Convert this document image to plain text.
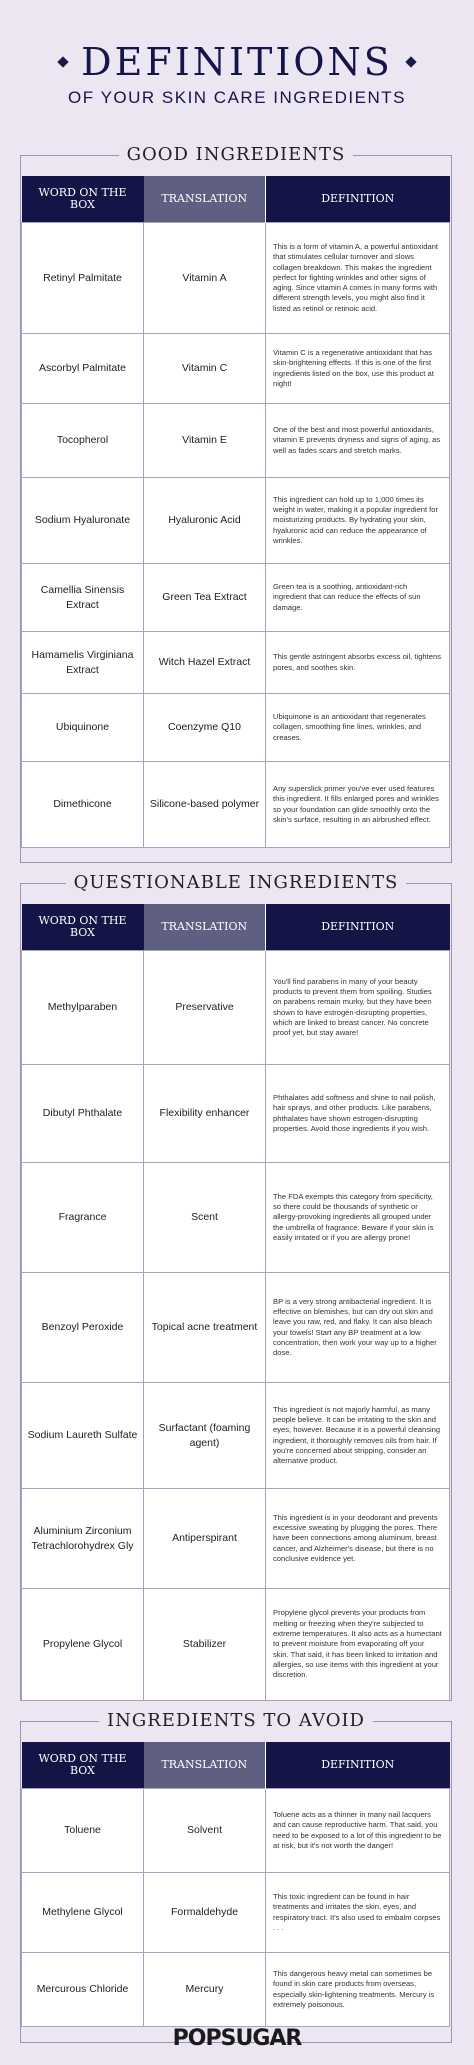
DEFINITIONS
OF YOUR SKIN CARE INGREDIENTS
GOOD INGREDIENTS
WORD ON THE BOX	TRANSLATION	DEFINITION
Retinyl Palmitate	Vitamin A	This is a form of vitamin A, a powerful antioxidant that stimulates cellular turnover and slows collagen breakdown. This makes the ingredient perfect for fighting wrinkles and other signs of aging. Since vitamin A comes in many forms with different strength levels, you might also find it listed as retinol or retinoic acid.
Ascorbyl Palmitate	Vitamin C	Vitamin C is a regenerative antioxidant that has skin-brightening effects. If this is one of the first ingredients listed on the box, use this product at night!
Tocopherol	Vitamin E	One of the best and most powerful antioxidants, vitamin E prevents dryness and signs of aging, as well as fades scars and stretch marks.
Sodium Hyaluronate	Hyaluronic Acid	This ingredient can hold up to 1,000 times its weight in water, making it a popular ingredient for moisturizing products. By hydrating your skin, hyaluronic acid can reduce the appearance of wrinkles.
Camellia Sinensis Extract	Green Tea Extract	Green tea is a soothing, antioxidant-rich ingredient that can reduce the effects of sun damage.
Hamamelis Virginiana Extract	Witch Hazel Extract	This gentle astringent absorbs excess oil, tightens pores, and soothes skin.
Ubiquinone	Coenzyme Q10	Ubiquinone is an antioxidant that regenerates collagen, smoothing fine lines, wrinkles, and creases.
Dimethicone	Silicone-based polymer	Any superslick primer you've ever used features this ingredient. It fills enlarged pores and wrinkles so your foundation can glide smoothly onto the skin's surface, resulting in an airbrushed effect.
QUESTIONABLE INGREDIENTS
WORD ON THE BOX	TRANSLATION	DEFINITION
Methylparaben	Preservative	You'll find parabens in many of your beauty products to prevent them from spoiling. Studies on parabens remain murky, but they have been shown to have estrogen-disrupting properties, which are linked to breast cancer. No concrete proof yet, but stay aware!
Dibutyl Phthalate	Flexibility enhancer	Phthalates add softness and shine to nail polish, hair sprays, and other products. Like parabens, phthalates have shown estrogen-disrupting properties. Avoid those ingredients if you wish.
Fragrance	Scent	The FDA exempts this category from specificity, so there could be thousands of synthetic or allergy-provoking ingredients all grouped under the umbrella of fragrance. Beware if your skin is easily irritated or if you are allergy prone!
Benzoyl Peroxide	Topical acne treatment	BP is a very strong antibacterial ingredient. It is effective on blemishes, but can dry out skin and leave you raw, red, and flaky. It can also bleach your towels! Start any BP treatment at a low concentration, then work your way up to a higher dose.
Sodium Laureth Sulfate	Surfactant (foaming agent)	This ingredient is not majorly harmful, as many people believe. It can be irritating to the skin and eyes, however. Because it is a powerful cleansing ingredient, it thoroughly removes oils from hair. If you're concerned about stripping, consider an alternative product.
Aluminium Zirconium Tetrachlorohydrex Gly	Antiperspirant	This ingredient is in your deodorant and prevents excessive sweating by plugging the pores. There have been connections among aluminum, breast cancer, and Alzheimer's disease, but there is no conclusive evidence yet.
Propylene Glycol	Stabilizer	Propylene glycol prevents your products from melting or freezing when they're subjected to extreme temperatures. It also acts as a humectant to prevent moisture from evaporating off your skin. That said, it has been linked to irritation and allergies, so use items with this ingredient at your discretion.
INGREDIENTS TO AVOID
WORD ON THE BOX	TRANSLATION	DEFINITION
Toluene	Solvent	Toluene acts as a thinner in many nail lacquers and can cause reproductive harm. That said, you need to be exposed to a lot of this ingredient to be at risk, but it's not worth the danger!
Methylene Glycol	Formaldehyde	This toxic ingredient can be found in hair treatments and irritates the skin, eyes, and respiratory tract. It's also used to embalm corpses . . .
Mercurous Chloride	Mercury	This dangerous heavy metal can sometimes be found in skin care products from overseas, especially skin-lightening treatments. Mercury is extremely poisonous.
POPSUGAR
